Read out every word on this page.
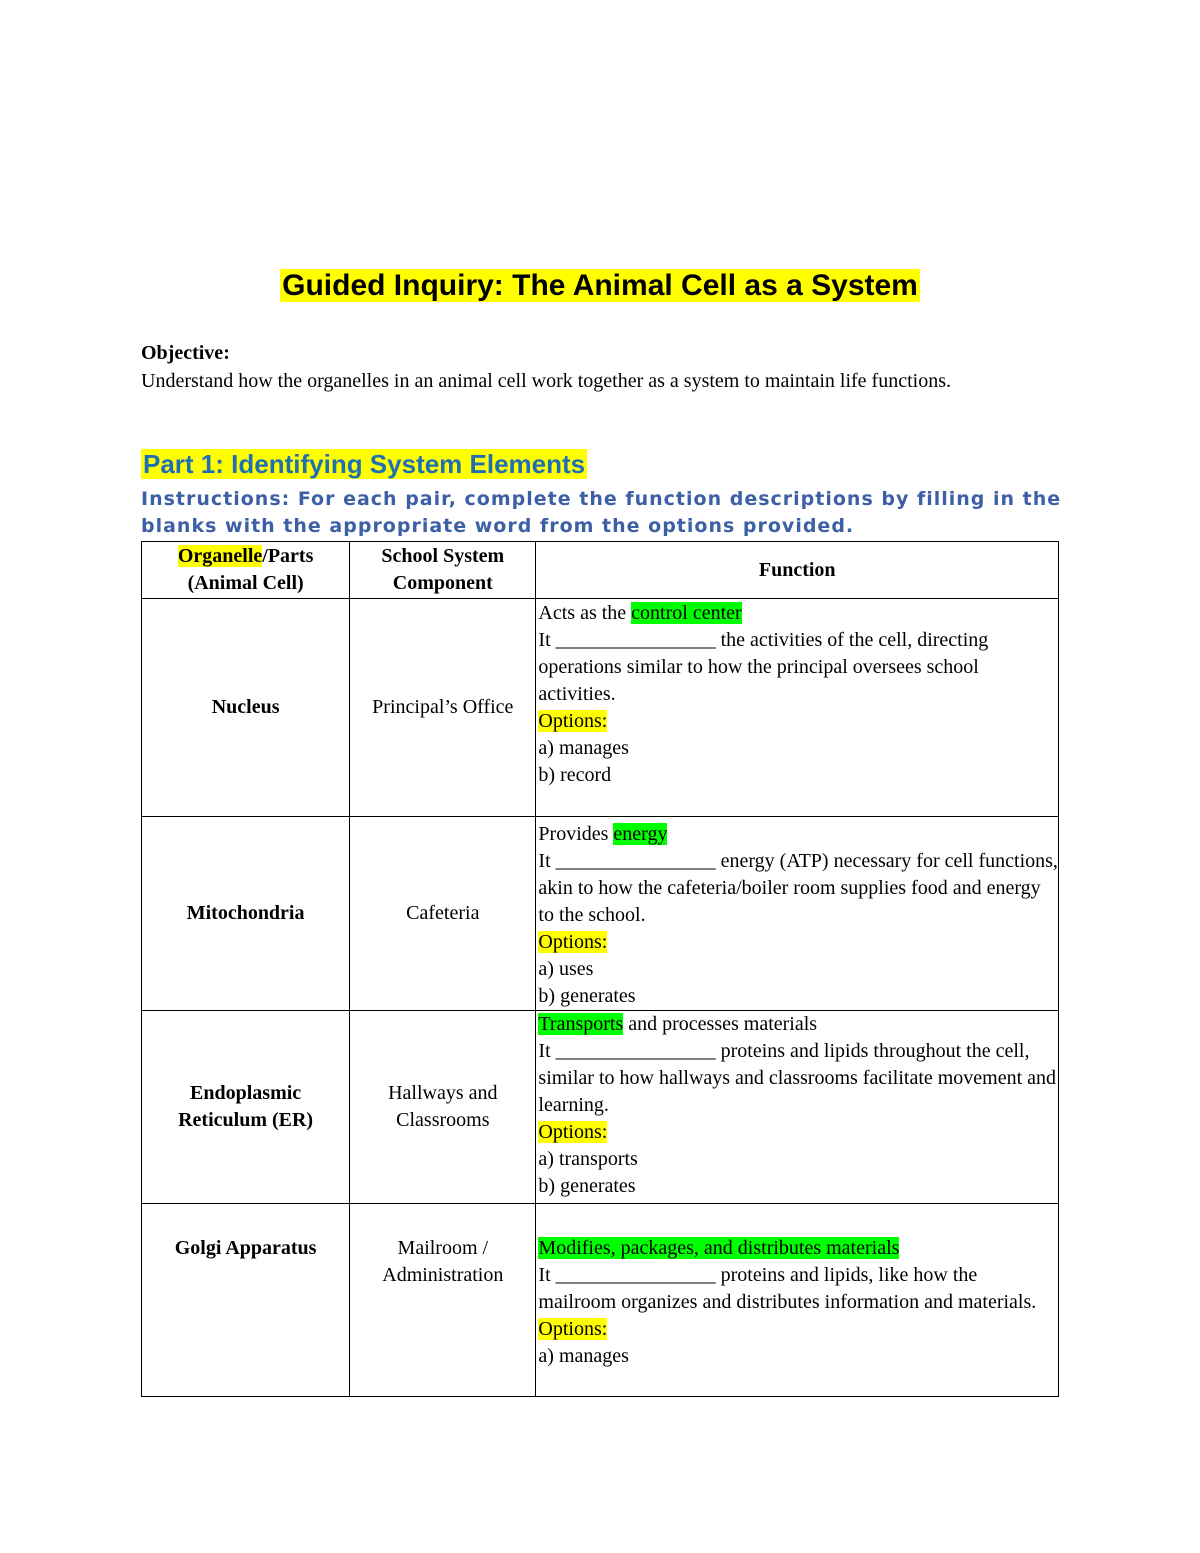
Guided Inquiry: The Animal Cell as a System
Objective:
Understand how the organelles in an animal cell work together as a system to maintain life functions.
Part 1: Identifying System Elements
Instructions: For each pair, complete the function descriptions by filling in the blanks with the appropriate word from the options provided.
Organelle/Parts
(Animal Cell)	School System Component	Function
Nucleus	Principal’s Office	Acts as the control center
It ________________ the activities of the cell, directing operations similar to how the principal oversees school activities.
Options:
a) manages
b) record

Mitochondria	Cafeteria	Provides energy
It ________________ energy (ATP) necessary for cell functions, akin to how the cafeteria/boiler room supplies food and energy to the school.
Options:
a) uses
b) generates

Endoplasmic Reticulum (ER)	Hallways and Classrooms	Transports and processes materials
It ________________ proteins and lipids throughout the cell, similar to how hallways and classrooms facilitate movement and learning.
Options:
a) transports
b) generates

Golgi Apparatus	Mailroom / Administration	Modifies, packages, and distributes materials
It ________________ proteins and lipids, like how the mailroom organizes and distributes information and materials.
Options:
a) manages
